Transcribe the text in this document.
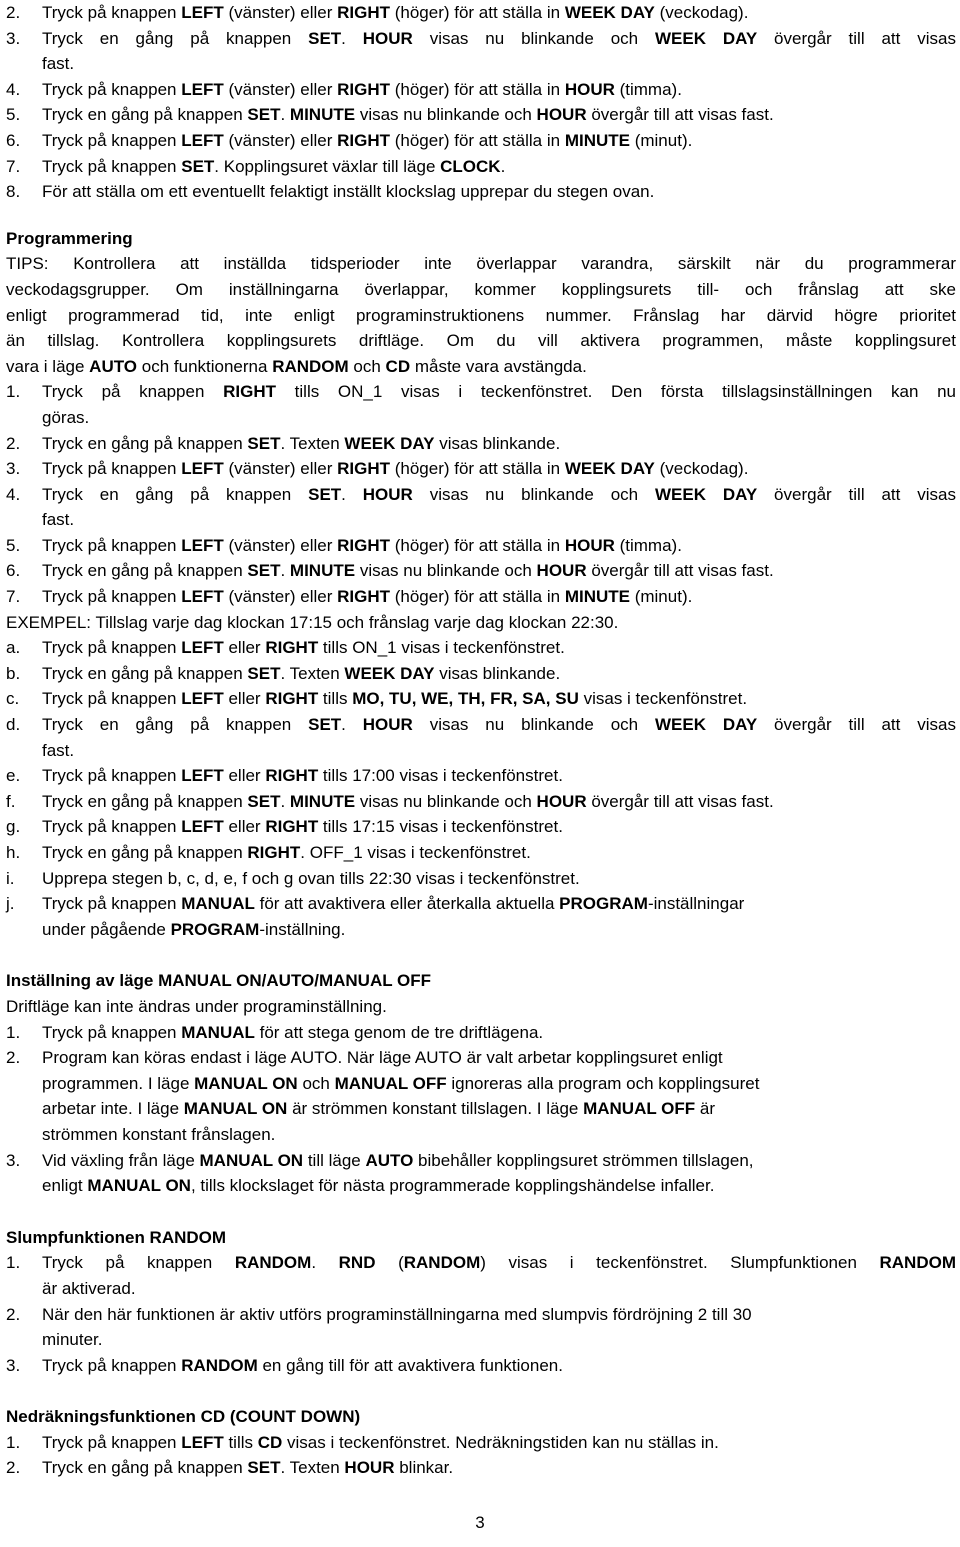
2. Tryck på knappen LEFT (vänster) eller RIGHT (höger) för att ställa in WEEK DAY (veckodag).
3. Tryck en gång på knappen SET. HOUR visas nu blinkande och WEEK DAY övergår till att visas
fast.
4. Tryck på knappen LEFT (vänster) eller RIGHT (höger) för att ställa in HOUR (timma).
5. Tryck en gång på knappen SET. MINUTE visas nu blinkande och HOUR övergår till att visas fast.
6. Tryck på knappen LEFT (vänster) eller RIGHT (höger) för att ställa in MINUTE (minut).
7. Tryck på knappen SET. Kopplingsuret växlar till läge CLOCK.
8. För att ställa om ett eventuellt felaktigt inställt klockslag upprepar du stegen ovan.
Programmering
TIPS: Kontrollera att inställda tidsperioder inte överlappar varandra, särskilt när du programmerar
veckodagsgrupper. Om inställningarna överlappar, kommer kopplingsurets till- och frånslag att ske
enligt programmerad tid, inte enligt programinstruktionens nummer. Frånslag har därvid högre prioritet
än tillslag. Kontrollera kopplingsurets driftläge. Om du vill aktivera programmen, måste kopplingsuret
vara i läge AUTO och funktionerna RANDOM och CD måste vara avstängda.
1. Tryck på knappen RIGHT tills ON_1 visas i teckenfönstret. Den första tillslagsinställningen kan nu
göras.
2. Tryck en gång på knappen SET. Texten WEEK DAY visas blinkande.
3. Tryck på knappen LEFT (vänster) eller RIGHT (höger) för att ställa in WEEK DAY (veckodag).
4. Tryck en gång på knappen SET. HOUR visas nu blinkande och WEEK DAY övergår till att visas
fast.
5. Tryck på knappen LEFT (vänster) eller RIGHT (höger) för att ställa in HOUR (timma).
6. Tryck en gång på knappen SET. MINUTE visas nu blinkande och HOUR övergår till att visas fast.
7. Tryck på knappen LEFT (vänster) eller RIGHT (höger) för att ställa in MINUTE (minut).
EXEMPEL: Tillslag varje dag klockan 17:15 och frånslag varje dag klockan 22:30.
a. Tryck på knappen LEFT eller RIGHT tills ON_1 visas i teckenfönstret.
b. Tryck en gång på knappen SET. Texten WEEK DAY visas blinkande.
c. Tryck på knappen LEFT eller RIGHT tills MO, TU, WE, TH, FR, SA, SU visas i teckenfönstret.
d. Tryck en gång på knappen SET. HOUR visas nu blinkande och WEEK DAY övergår till att visas
fast.
e. Tryck på knappen LEFT eller RIGHT tills 17:00 visas i teckenfönstret.
f. Tryck en gång på knappen SET. MINUTE visas nu blinkande och HOUR övergår till att visas fast.
g. Tryck på knappen LEFT eller RIGHT tills 17:15 visas i teckenfönstret.
h. Tryck en gång på knappen RIGHT. OFF_1 visas i teckenfönstret.
i. Upprepa stegen b, c, d, e, f och g ovan tills 22:30 visas i teckenfönstret.
j. Tryck på knappen MANUAL för att avaktivera eller återkalla aktuella PROGRAM-inställningar
under pågående PROGRAM-inställning.
Inställning av läge MANUAL ON/AUTO/MANUAL OFF
Driftläge kan inte ändras under programinställning.
1. Tryck på knappen MANUAL för att stega genom de tre driftlägena.
2. Program kan köras endast i läge AUTO. När läge AUTO är valt arbetar kopplingsuret enligt
programmen. I läge MANUAL ON och MANUAL OFF ignoreras alla program och kopplingsuret
arbetar inte. I läge MANUAL ON är strömmen konstant tillslagen. I läge MANUAL OFF är
strömmen konstant frånslagen.
3. Vid växling från läge MANUAL ON till läge AUTO bibehåller kopplingsuret strömmen tillslagen,
enligt MANUAL ON, tills klockslaget för nästa programmerade kopplingshändelse infaller.
Slumpfunktionen RANDOM
1. Tryck på knappen RANDOM. RND (RANDOM) visas i teckenfönstret. Slumpfunktionen RANDOM
är aktiverad.
2. När den här funktionen är aktiv utförs programinställningarna med slumpvis fördröjning 2 till 30
minuter.
3. Tryck på knappen RANDOM en gång till för att avaktivera funktionen.
Nedräkningsfunktionen CD (COUNT DOWN)
1. Tryck på knappen LEFT tills CD visas i teckenfönstret. Nedräkningstiden kan nu ställas in.
2. Tryck en gång på knappen SET. Texten HOUR blinkar.
3
